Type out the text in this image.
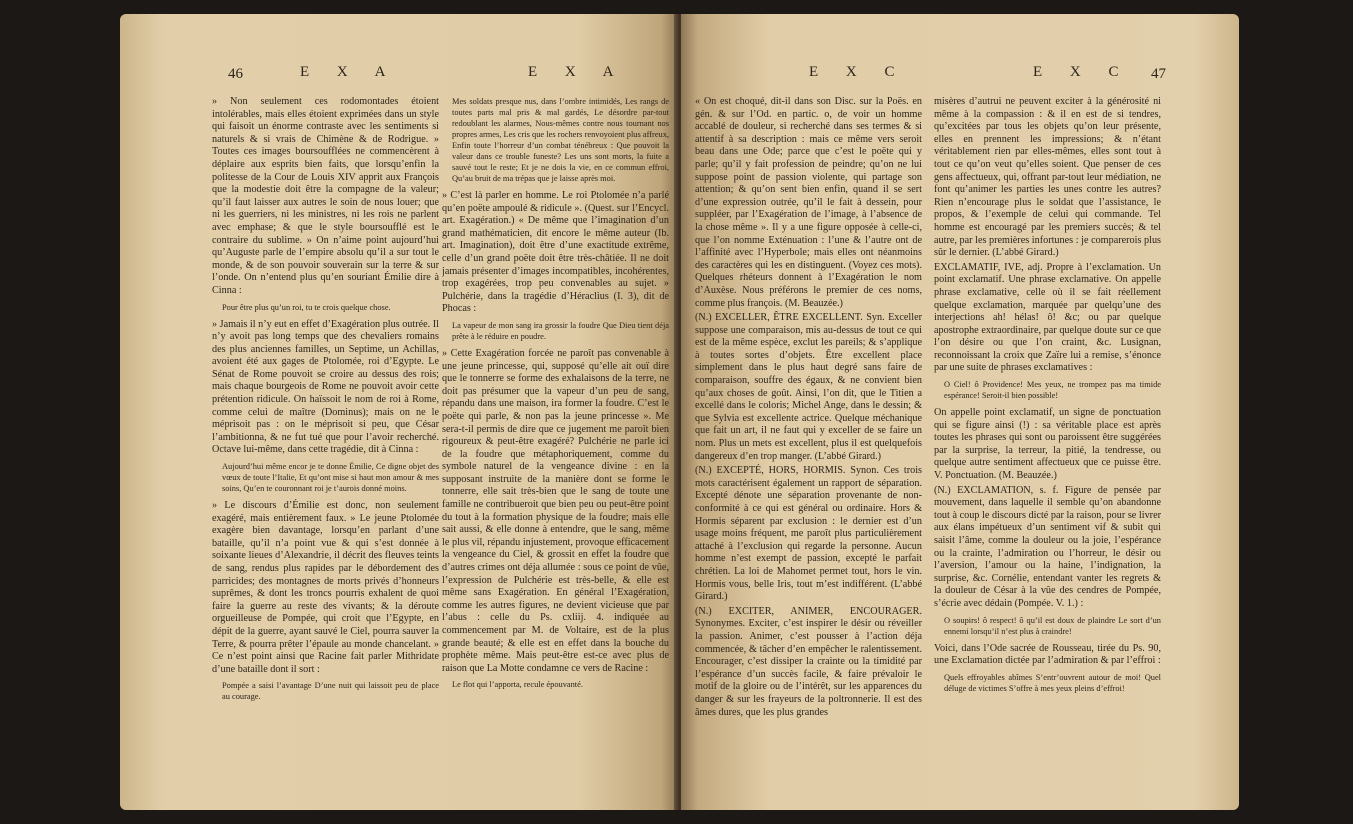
46	E X A	E X A

» Non seulement ces rodomontades étoient intolérables, mais elles étoient exprimées dans un style qui faisoit un énorme contraste avec les sentiments si naturels & si vrais de Chimène & de Rodrigue. » Toutes ces images boursoufflées ne commencèrent à déplaire aux esprits bien faits, que lorsqu’enfin la politesse de la Cour de Louis XIV apprit aux François que la modestie doit être la compagne de la valeur; qu’il faut laisser aux autres le soin de nous louer; que ni les guerriers, ni les ministres, ni les rois ne parlent avec emphase; & que le style boursoufflé est le contraire du sublime. » On n’aime point aujourd’hui qu’Auguste parle de l’empire absolu qu’il a sur tout le monde, & de son pouvoir souverain sur la terre & sur l’onde. On n’entend plus qu’en souriant Émilie dire à Cinna :

Pour être plus qu’un roi, tu te crois quelque chose.

» Jamais il n’y eut en effet d’Exagération plus outrée. Il n’y avoit pas long temps que des chevaliers romains des plus anciennes familles, un Septime, un Achillas, avoient été aux gages de Ptolomée, roi d’Egypte. Le Sénat de Rome pouvoit se croire au dessus des rois; mais chaque bourgeois de Rome ne pouvoit avoir cette prétention ridicule. On haïssoit le nom de roi à Rome, comme celui de maître (Dominus); mais on ne le méprisoit pas : on le méprisoit si peu, que César l’ambitionna, & ne fut tué que pour l’avoir recherché. Octave lui-même, dans cette tragédie, dit à Cinna :

Aujourd’hui même encor je te donne Émilie, Ce digne objet des vœux de toute l’Italie, Et qu’ont mise si haut mon amour & mes soins, Qu’en te couronnant roi je t’aurois donné moins.

» Le discours d’Émilie est donc, non seulement exagéré, mais entièrement faux. » Le jeune Ptolomée exagère bien davantage, lorsqu’en parlant d’une bataille, qu’il n’a point vue & qui s’est donnée à soixante lieues d’Alexandrie, il décrit des fleuves teints de sang, rendus plus rapides par le débordement des parricides; des montagnes de morts privés d’honneurs suprêmes, & dont les troncs pourris exhalent de quoi faire la guerre au reste des vivants; & la déroute orgueilleuse de Pompée, qui croit que l’Egypte, en dépit de la guerre, ayant sauvé le Ciel, pourra sauver la Terre, & pourra prêter l’épaule au monde chancelant. » Ce n’est point ainsi que Racine fait parler Mithridate d’une bataille dont il sort :

Pompée a saisi l’avantage D’une nuit qui laissoit peu de place au courage.
Mes soldats presque nus, dans l’ombre intimidés, Les rangs de toutes parts mal pris & mal gardés, Le désordre par-tout redoublant les alarmes, Nous-mêmes contre nous tournant nos propres armes, Les cris que les rochers renvoyoient plus affreux, Enfin toute l’horreur d’un combat ténébreux : Que pouvoit la valeur dans ce trouble funeste? Les uns sont morts, la fuite a sauvé tout le reste; Et je ne dois la vie, en ce commun effroi, Qu’au bruit de ma trépas que je laisse après moi.

» C’est là parler en homme. Le roi Ptolomée n’a parlé qu’en poëte ampoulé & ridicule ». (Quest. sur l’Encycl. art. Exagération.) « De même que l’imagination d’un grand mathématicien, dit encore le même auteur (Ib. art. Imagination), doit être d’une exactitude extrême, celle d’un grand poëte doit être très-châtiée. Il ne doit jamais présenter d’images incompatibles, incohérentes, trop exagérées, trop peu convenables au sujet. » Pulchérie, dans la tragédie d’Héraclius (I. 3), dit de Phocas :

La vapeur de mon sang ira grossir la foudre Que Dieu tient déja prête à le réduire en poudre.

» Cette Exagération forcée ne paroît pas convenable à une jeune princesse, qui, supposé qu’elle ait ouï dire que le tonnerre se forme des exhalaisons de la terre, ne doit pas présumer que la vapeur d’un peu de sang, répandu dans une maison, ira former la foudre. C’est le poëte qui parle, & non pas la jeune princesse ». Me sera-t-il permis de dire que ce jugement me paroît bien rigoureux & peut-être exagéré? Pulchérie ne parle ici de la foudre que métaphoriquement, comme du symbole naturel de la vengeance divine : en la supposant instruite de la manière dont se forme le tonnerre, elle sait très-bien que le sang de toute une famille ne contribueroit que bien peu ou peut-être point du tout à la formation physique de la foudre; mais elle sait aussi, & elle donne à entendre, que le sang, même le plus vil, répandu injustement, provoque efficacement la vengeance du Ciel, & grossit en effet la foudre que d’autres crimes ont déja allumée : sous ce point de vûe, l’expression de Pulchérie est très-belle, & elle est même sans Exagération. En général l’Exagération, comme les autres figures, ne devient vicieuse que par l’abus : celle du Ps. cxliij. 4. indiquée au commencement par M. de Voltaire, est de la plus grande beauté; & elle est en effet dans la bouche du prophète même. Mais peut-être est-ce avec plus de raison que La Motte condamne ce vers de Racine :

Le flot qui l’apporta, recule épouvanté.
E X C	E X C 47

« On est choqué, dit-il dans son Disc. sur la Poës. en gén. & sur l’Od. en partic. o, de voir un homme accablé de douleur, si recherché dans ses termes & si attentif à sa description : mais ce même vers seroit beau dans une Ode; parce que c’est le poëte qui y parle; qu’il y fait profession de peindre; qu’on ne lui suppose point de passion violente, qui partage son attention; & qu’on sent bien enfin, quand il se sert d’une expression outrée, qu’il le fait à dessein, pour suppléer, par l’Exagération de l’image, à l’absence de la chose même ». Il y a une figure opposée à celle-ci, que l’on nomme Exténuation : l’une & l’autre ont de l’affinité avec l’Hyperbole; mais elles ont néanmoins des caractères qui les en distinguent. (Voyez ces mots). Quelques rhéteurs donnent à l’Exagération le nom d’Auxèse. Nous préférons le premier de ces noms, comme plus françois. (M. Beauzée.)

(N.) EXCELLER, ÊTRE EXCELLENT. Syn. Exceller suppose une comparaison, mis au-dessus de tout ce qui est de la même espèce, exclut les pareils; & s’applique à toutes sortes d’objets. Être excellent place simplement dans le plus haut degré sans faire de comparaison, souffre des égaux, & ne convient bien qu’aux choses de goût. Ainsi, l’on dit, que le Titien a excellé dans le coloris; Michel Ange, dans le dessin; & que Sylvia est excellente actrice. Quelque méchanique que fait un art, il ne faut qui y exceller de se faire un nom. Plus un mets est excellent, plus il est quelquefois dangereux d’en trop manger. (L’abbé Girard.)

(N.) EXCEPTÉ, HORS, HORMIS. Synon. Ces trois mots caractérisent également un rapport de séparation. Excepté dénote une séparation provenante de non-conformité à ce qui est général ou ordinaire. Hors & Hormis séparent par exclusion : le dernier est d’un usage moins fréquent, me paroît plus particulièrement attaché à l’exclusion qui regarde la personne. Aucun homme n’est exempt de passion, excepté le parfait chrétien. La loi de Mahomet permet tout, hors le vin. Hormis vous, belle Iris, tout m’est indifférent. (L’abbé Girard.)

(N.) EXCITER, ANIMER, ENCOURAGER. Synonymes. Exciter, c’est inspirer le désir ou réveiller la passion. Animer, c’est pousser à l’action déja commencée, & tâcher d’en empêcher le ralentissement. Encourager, c’est dissiper la crainte ou la timidité par l’espérance d’un succès facile, & faire prévaloir le motif de la gloire ou de l’intérêt, sur les apparences du danger & sur les frayeurs de la poltronnerie. Il est des âmes dures, que les plus grandes

misères d’autrui ne peuvent exciter à la générosité ni même à la compassion : & il en est de si tendres, qu’excitées par tous les objets qu’on leur présente, elles en prennent les impressions; & n’étant véritablement rien par elles-mêmes, elles sont tout à tout ce qu’on veut qu’elles soient. Que penser de ces gens affectueux, qui, offrant par-tout leur médiation, ne font qu’animer les parties les unes contre les autres? Rien n’encourage plus le soldat que l’assistance, le propos, & l’exemple de celui qui commande. Tel homme est encouragé par les premiers succès; & tel autre, par les premières infortunes : je comparerois plus sûr le dernier. (L’abbé Girard.)

EXCLAMATIF, IVE, adj. Propre à l’exclamation. Un point exclamatif. Une phrase exclamative. On appelle phrase exclamative, celle où il se fait réellement quelque exclamation, marquée par quelqu’une des interjections ah! hélas! ô! &c; ou par quelque apostrophe extraordinaire, par quelque doute sur ce que l’on désire ou que l’on craint, &c. Lusignan, reconnoissant la croix que Zaïre lui a remise, s’énonce par une suite de phrases exclamatives :

O Ciel! ô Providence! Mes yeux, ne trompez pas ma timide espérance! Seroit-il bien possible!

On appelle point exclamatif, un signe de ponctuation qui se figure ainsi (!) : sa véritable place est après toutes les phrases qui sont ou paroissent être suggérées par la surprise, la terreur, la pitié, la tendresse, ou quelque autre sentiment affectueux que ce puisse être. V. Ponctuation. (M. Beauzée.)

(N.) EXCLAMATION, s. f. Figure de pensée par mouvement, dans laquelle il semble qu’on abandonne tout à coup le discours dicté par la raison, pour se livrer aux élans impétueux d’un sentiment vif & subit qui saisit l’âme, comme la douleur ou la joie, l’espérance ou la crainte, l’admiration ou l’horreur, le désir ou l’aversion, l’amour ou la haine, l’indignation, la surprise, &c. Cornélie, entendant vanter les regrets & la douleur de César à la vûe des cendres de Pompée, s’écrie avec dédain (Pompée. V. 1.) :

O soupirs! ô respect! ô qu’il est doux de plaindre Le sort d’un ennemi lorsqu’il n’est plus à craindre!

Voici, dans l’Ode sacrée de Rousseau, tirée du Ps. 90, une Exclamation dictée par l’admiration & par l’effroi :

Quels effroyables abîmes S’entr’ouvrent autour de moi! Quel déluge de victimes S’offre à mes yeux pleins d’effroi!
